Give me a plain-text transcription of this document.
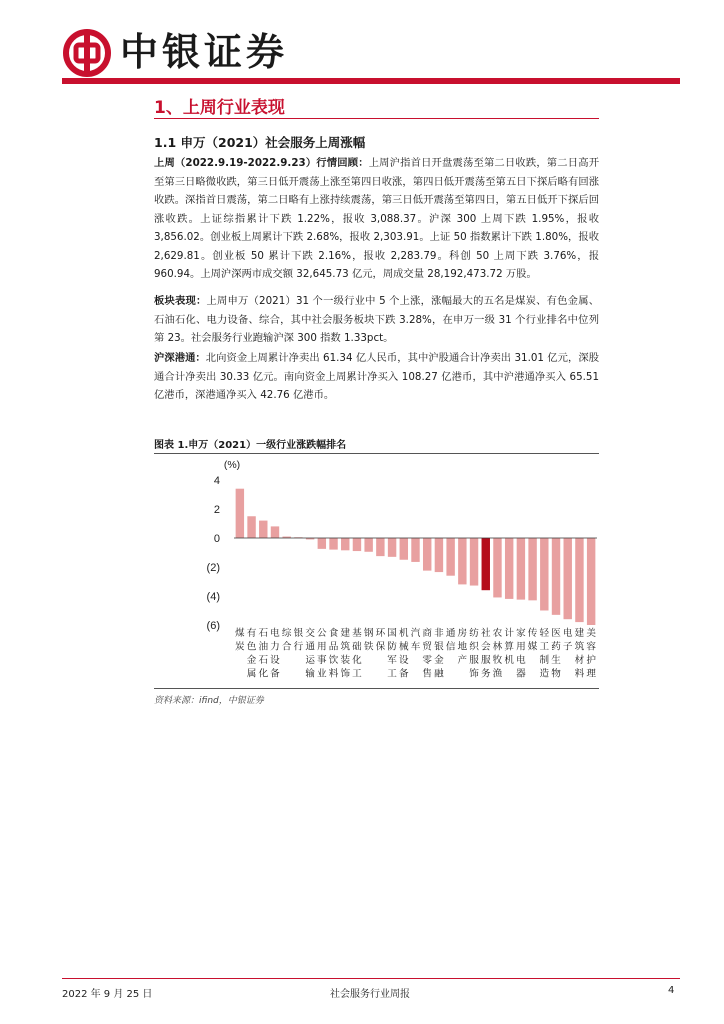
中银证券
1、上周行业表现
1.1 申万（2021）社会服务上周涨幅

上周（2022.9.19-2022.9.23）行情回顾：上周沪指首日开盘震荡至第二日收跌，第二日高开至第三日略微收跌，第三日低开震荡上涨至第四日收涨，第四日低开震荡至第五日下探后略有回涨收跌。深指首日震荡，第二日略有上涨持续震荡，第三日低开震荡至第四日，第五日低开下探后回涨收跌。上证综指累计下跌 1.22%，报收 3,088.37。沪深 300 上周下跌 1.95%，报收 3,856.02。创业板上周累计下跌 2.68%，报收 2,303.91。上证 50 指数累计下跌 1.80%，报收 2,629.81。创业板 50 累计下跌 2.16%，报收 2,283.79。科创 50 上周下跌 3.76%，报 960.94。上周沪深两市成交额 32,645.73 亿元，周成交量 28,192,473.72 万股。

板块表现：上周申万（2021）31 个一级行业中 5 个上涨，涨幅最大的五名是煤炭、有色金属、石油石化、电力设备、综合，其中社会服务板块下跌 3.28%，在申万一级 31 个行业排名中位列第 23。社会服务行业跑输沪深 300 指数 1.33pct。

沪深港通：北向资金上周累计净卖出 61.34 亿人民币，其中沪股通合计净卖出 31.01 亿元，深股通合计净卖出 30.33 亿元。南向资金上周累计净买入 108.27 亿港币，其中沪港通净买入 65.51 亿港币，深港通净买入 42.76 亿港币。

图表 1.申万（2021）一级行业涨跌幅排名
(%)
4
2
0
(2)
(4)
(6)
煤炭
有色金属
石油石化
电力设备
综合
银行
交通运输
公用事业
食品饮料
建筑装饰
基础化工
钢铁
环保
国防军工
机械设备
汽车
商贸零售
非银金融
通信
房地产
纺织服饰
社会服务
农林牧渔
计算机
家用电器
传媒
轻工制造
医药生物
电子
建筑材料
美容护理
资料来源：ifind，中银证券
2022 年 9 月 25 日	社会服务行业周报	4
